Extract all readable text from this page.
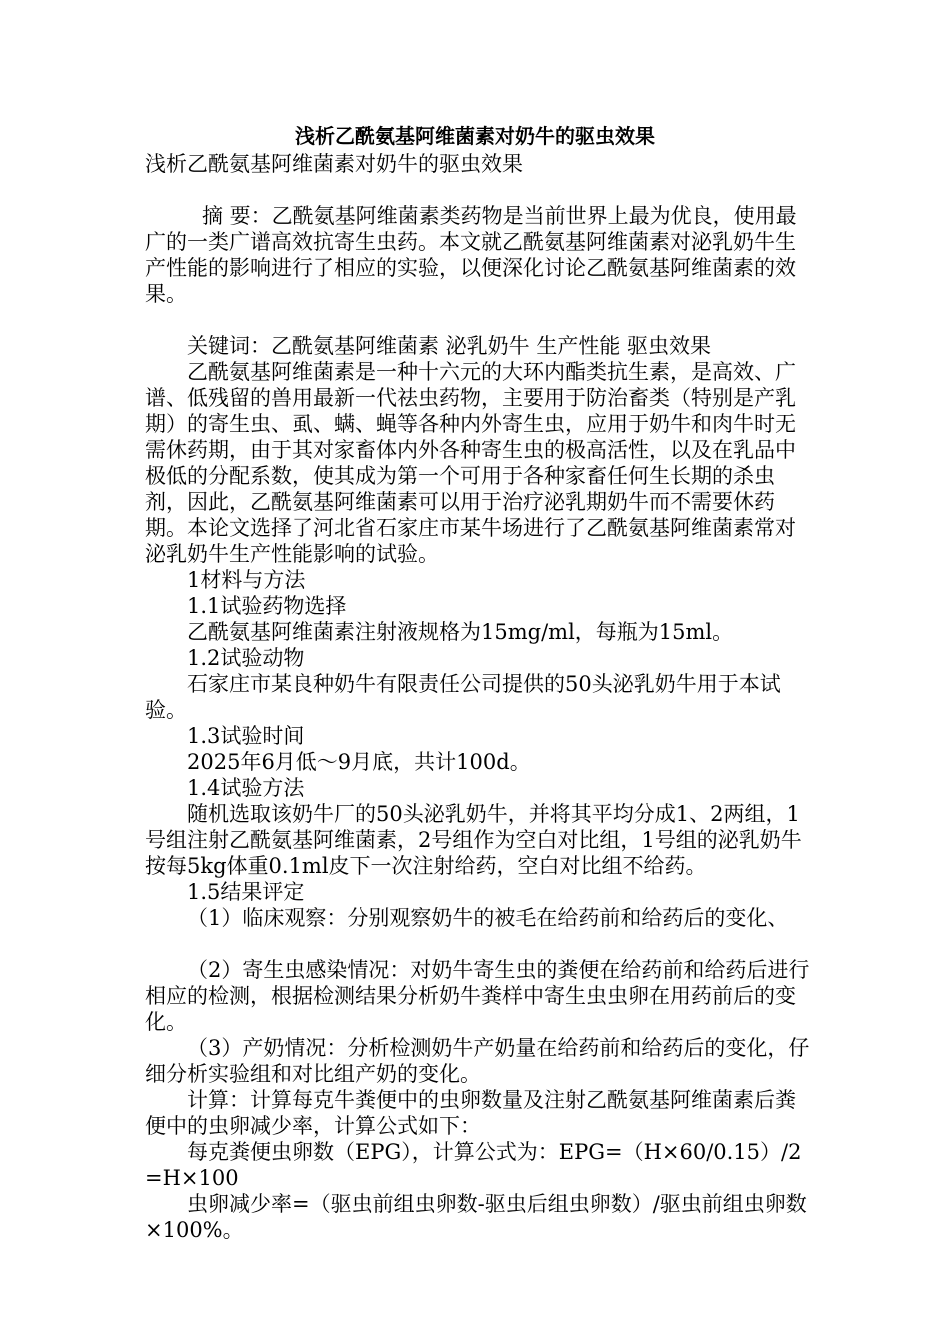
浅析乙酰氨基阿维菌素对奶牛的驱虫效果

浅析乙酰氨基阿维菌素对奶牛的驱虫效果

摘 要：乙酰氨基阿维菌素类药物是当前世界上最为优良，使用最广的一类广谱高效抗寄生虫药。本文就乙酰氨基阿维菌素对泌乳奶牛生产性能的影响进行了相应的实验，以便深化讨论乙酰氨基阿维菌素的效果。

关键词：乙酰氨基阿维菌素 泌乳奶牛 生产性能 驱虫效果

乙酰氨基阿维菌素是一种十六元的大环内酯类抗生素，是高效、广谱、低残留的兽用最新一代祛虫药物，主要用于防治畜类（特别是产乳期）的寄生虫、虱、螨、蝇等各种内外寄生虫，应用于奶牛和肉牛时无需休药期，由于其对家畜体内外各种寄生虫的极高活性，以及在乳品中极低的分配系数，使其成为第一个可用于各种家畜任何生长期的杀虫剂，因此，乙酰氨基阿维菌素可以用于治疗泌乳期奶牛而不需要休药期。本论文选择了河北省石家庄市某牛场进行了乙酰氨基阿维菌素常对泌乳奶牛生产性能影响的试验。

1材料与方法

1.1试验药物选择

乙酰氨基阿维菌素注射液规格为15mg/ml，每瓶为15ml。

1.2试验动物

石家庄市某良种奶牛有限责任公司提供的50头泌乳奶牛用于本试验。

1.3试验时间

2025年6月低～9月底，共计100d。

1.4试验方法

随机选取该奶牛厂的50头泌乳奶牛，并将其平均分成1、2两组，1号组注射乙酰氨基阿维菌素，2号组作为空白对比组，1号组的泌乳奶牛按每5kg体重0.1ml皮下一次注射给药，空白对比组不给药。

1.5结果评定

（1）临床观察：分别观察奶牛的被毛在给药前和给药后的变化、

（2）寄生虫感染情况：对奶牛寄生虫的粪便在给药前和给药后进行相应的检测，根据检测结果分析奶牛粪样中寄生虫虫卵在用药前后的变化。

（3）产奶情况：分析检测奶牛产奶量在给药前和给药后的变化，仔细分析实验组和对比组产奶的变化。

计算：计算每克牛粪便中的虫卵数量及注射乙酰氨基阿维菌素后粪便中的虫卵减少率，计算公式如下：

每克粪便虫卵数（EPG），计算公式为：EPG=（H×60/0.15）/2=H×100

虫卵减少率=（驱虫前组虫卵数-驱虫后组虫卵数）/驱虫前组虫卵数×100%。
